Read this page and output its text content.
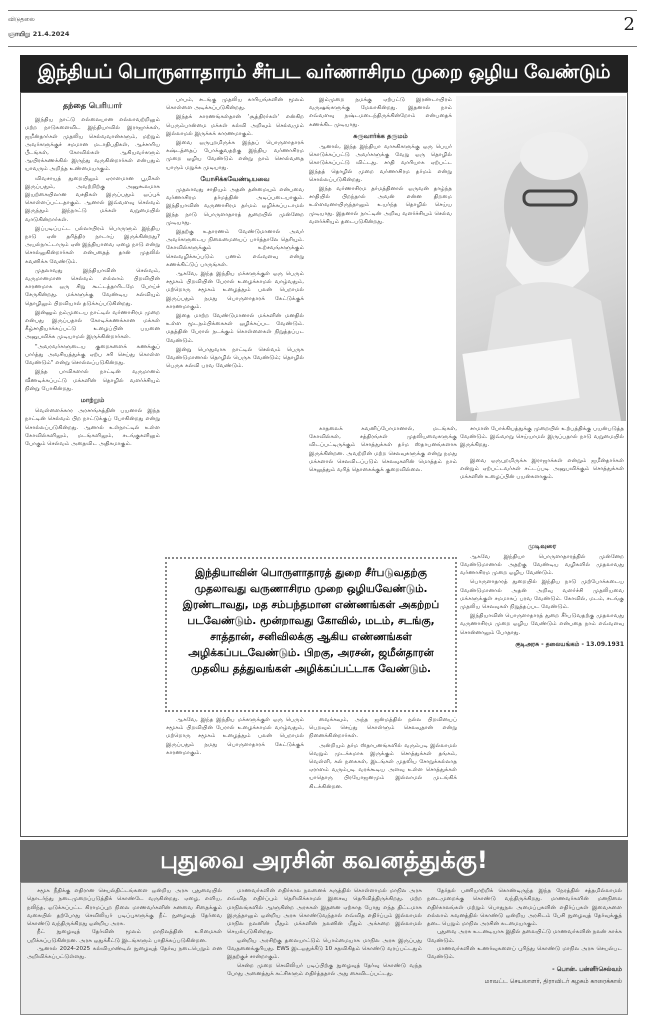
விடுதலை
ஞாயிறு 21.4.2024	2
இந்தியப் பொருளாதாரம் சீர்பட வர்ணாசிரம முறை ஒழிய வேண்டும்
தந்தை பெரியார்

இந்திய நாட்டு எல்லையான எல்லாவற்றிலும் மற்ற நாடுகளைவிட இந்தியாவில் இராஜாக்கள், ஜமீன்தார்கள் முதலிய செல்வவான்களும், மற்றும் அவர்களுக்குச் சமமான மடாதிபதிகள், ஆச்சாரிய பீடங்கள், கோவில்கள் ஆகியவர்களும் ஆயிரக்கணக்கில் இருந்து வருகின்றார்கள் என்பதும் யாவரும் அறிந்த உண்மையாகும்.

விவசாயத் துறையிலும் ஏராளமான பூமிகள் இருப்பதும், அவற்றிற்கு அனுகூலமாக இயற்கையிலான வசதிகள் இருப்பதும் ஒப்புக் கொள்ளப்பட்டதாகும். ஆனால் இவ்வளவு செல்வம் இருந்தும் இந்நாட்டு மக்கள் வறுமையில் வாடுகின்றார்கள்.

இப்படிப்பட்ட பல்லாயிரம் பொருளும் இந்திய நாடு ஏன் தரித்திர நாடாய் இருக்கின்றது? அயல்நாட்டாரும் ஏன் இந்தியாவை ஏழை நாடு என்று சொல்லுகின்றார்கள் என்பதைத் தான் முதலில் கவனிக்க வேண்டும்.

முதலாவது இந்தியாவின் செல்வம், வருமானமான செல்வம் எல்லாம் பிறவியின் காரணமாக ஒரு சிறு கூட்டத்தாரிடமே போய்ச் சேருகின்றது. மக்களுக்கு வேண்டிய கல்வியும் தொழிலும் பிறவியால் தடுக்கப்படுகின்றது.

இன்னும் நம்முடைய நாட்டில் வர்ணாசிரம முறை என்பது இருப்பதால் கோடிக்கணக்கான மக்கள் கீழ்சாதியாக்கப்பட்டு உழைப்பின் பயனை அனுபவிக்க முடியாமல் இருக்கின்றார்கள்.

"அவரவர்களுடைய குறைகளைக் கணக்குப் பார்த்து அவசியத்துக்கு ஏற்ப சரி செய்து கொள்ள வேண்டும்" என்று சொல்லப்படுகின்றது.

இந்த பாவிகளால் நாட்டின் வருமானம் வீணடிக்கப்பட்டு மக்களின் தொழில் வளர்ச்சியும் நின்று போகின்றது.

மாற்றும்

வெள்ளைக்கார அரசாங்கத்தின் பயனால் இந்த நாட்டின் செல்வம் பிற நாட்டுக்குப் போகின்றது என்று சொல்லப்படுகின்றது. ஆனால் உள்நாட்டில் உள்ள கோவில்களிலும், மடங்களிலும், சடங்குகளிலும் போகும் செல்வம் அதைவிட அதிகமாகும்.

பாபம், சடங்கு முதலிய காரியங்களின் மூலம் கொள்ளை அடிக்கப்படுகின்றது.

இந்தக் காரணங்கள்தான் 'சூத்திரர்கள்' என்கிற பெரும்பான்மை மக்கள் கல்வி அறிவும் செல்வமும் இல்லாமல் இருக்கக் காரணமாகும்.

இவை ஒருபுறமிருக்க இந்தப் பொருளாதாரக் கஷ்டத்தைப் போக்குவதற்கு இந்திய வர்ணாசிரம முறை ஒழிய வேண்டும் என்று நாம் சொல்வதை யாரும் மறுக்க முடியாது.

யோசிக்கவேண்டியவை

முதலாவது சாதியும் அதன் தன்மையும் என்பவை வர்ணாசிரம தர்மத்தின் அடிப்படையாகும். இந்தியாவின் வருணாசிரம தர்மம் ஒழிக்கப்படாமல் இந்த நாடு பொருளாதாரத் துறையில் முன்னேற முடியாது.

இதற்கு உதாரணம் வேண்டுமானால் அவர் அவர்களுடைய நிலைமையைப் பார்த்தாலே தெரியும். கோவில்களுக்கும் உற்சவங்களுக்கும் செலவழிக்கப்படும் பணம் எவ்வளவு என்று கணக்கிட்டுப் பாருங்கள்.

ஆகவே, இந்த இந்திய மக்களுக்குள் ஒரு பெரும் சமூகம் பிறவியின் பேரால் உழைக்காமல் வாழ்வதும், மற்றொரு சமூகம் உழைத்தும் பலன் பெறாமல் இருப்பதும் நமது பொருளாதாரக் கேட்டுக்குக் காரணமாகும்.

இதை மாற்ற வேண்டுமானால் மக்களின் மனதில் உள்ள மூடநம்பிக்கைகள் ஒழிக்கப்பட வேண்டும். மதத்தின் பேரால் நடக்கும் கொள்ளைகள் நிறுத்தப்பட வேண்டும்.

இன்று பொதுவாக நாட்டில் செல்வம் பெருக வேண்டுமானால் தொழில் பெருக வேண்டும்; தொழில் பெருக கல்வி பரவ வேண்டும்.

இம்முறை நமக்கு ஏற்பட்டு இரண்டாயிரம் வருஷங்களுக்கு மேலாகின்றது. இதனால் நாம் எவ்வளவு நஷ்டமடைந்திருக்கின்றோம் என்பதைக் கணக்கிட முடியாது.

சுருவார்க்க தருமம்

ஆனால், இந்த இந்தியா வாசுகிகளுக்கு ஒரு பெயர் கொடுக்கப்பட்டு அவர்களுக்கு வேறு ஒரு தொழில் கொடுக்கப்பட்டு விட்டது. சாதி வாரியாக ஏற்பட்ட இந்தத் தொழில் முறை வர்ணாசிரம தர்மம் என்று சொல்லப்படுகின்றது.

இந்த வர்ணாசிரம தர்மத்தினால் ஒருவன் தாழ்ந்த சாதியில் பிறந்தால் அவன் என்ன திறமை உள்ளவனாயிருந்தாலும் உயர்ந்த தொழில் செய்ய முடியாது. இதனால் நாட்டின் அறிவு வளர்ச்சியும் செல்வ வளர்ச்சியும் தடைபடுகின்றது.

காதலைக் கவனிப்போமானால், மடங்கள், கோவில்கள், சத்திரங்கள் முதலியவைகளுக்கு விடப்பட்டிருக்கும் சொத்துக்கள் தர்ம ஸ்தாபனங்களாக இருக்கின்றன. அவற்றின் மற்ற செலவுகளுக்கு என்று நமது மக்களால் செலவிடப்படும் செலவுகளின் மொத்தம் நாம் செலுத்தும் வரித் தொகைக்குக் குறைவில்லை.

சாமான் போக்கியத்துக்கு முறையில் உற்பத்திக்கு பயன்படுத்த வேண்டும். இவ்வாறு செய்யாமல் இருப்பதால் நாடு வறுமையில் இருக்கிறது.

இந்தியாவின் பொருளாதாரத் துறை சீர்படுவதற்கு முதலாவது வருணாசிரம முறை ஒழியவேண்டும். இரண்டாவது, மத சம்பந்தமான எண்ணங்கள் அகற்றப் படவேண்டும். மூன்றாவது கோவில், மடம், சடங்கு, சாத்தான், சனிவிலக்கு ஆகிய எண்ணங்கள் அழிக்கப்படவேண்டும். பிறகு, அரசன், ஜமீன்தாரன் முதலிய தத்துவங்கள் அழிக்கப்பட்டாக வேண்டும்.

இவை ஒருபுறமிருக்க இராஜாக்கள் என்றும் ஜமீன்தார்கள் என்றும் ஏற்பட்டவர்கள் சட்டப்படி அனுபவிக்கும் சொத்துக்கள் மக்களின் உழைப்பின் பயன்களாகும்.

முடிவுரை

ஆகவே இந்தியா பொருளாதாரத்தில் முன்னேற வேண்டுமானால் அதற்கு வேண்டிய வழிகளில் முதலாவது வர்ணாசிரம முறை ஒழிய வேண்டும்.

பொருளாதாரத் துறையில் இந்திய நாடு முற்போக்கடைய வேண்டுமானால் அதன் அறிவு வளர்ச்சி முதலியவை மக்களுக்குள் சமமாகப் பரவ வேண்டும். கோவில், மடம், சடங்கு முதலிய செலவுகள் நிறுத்தப்பட வேண்டும்.

இந்தியாவின் பொருளாதாரத் துறை சீர்படுவதற்கு முதலாவது வருணாசிரம முறை ஒழிய வேண்டும் என்பதை நாம் எவ்வளவு சொன்னாலும் போதாது.

குடிஅரசு - தலையங்கம் - 13.09.1931

ஆகவே, இந்த இந்திய மக்களுக்குள் ஒரு பெரும் சமூகம் பிறவியின் பேரால் உழைக்காமல் வாழ்வதும், மற்றொரு சமூகம் உழைத்தும் பலன் பெறாமல் இருப்பதும் நமது பொருளாதாரக் கேட்டுக்குக் காரணமாகும்.

வைக்கவும், அந்த ஜன்மத்தில் நல்ல பிறவியைப் பெறவும் செய்து கொள்ளும் செலவுதான் என்று நினைக்கின்றார்கள்.

அன்றியும் தர்ம ஸ்தாபனங்களில் வரும்படி இல்லாமல் வெறும் முடக்கமாக இருக்கும் சொத்துக்கள் தங்கம், வெள்ளி, கல் நகைகள், இடங்கள் முதலிய சோறுக்கல்லாத ஏராளம் வரும்படி வரக்கூடிய அளவு உள்ள சொத்துக்கள் யாதொரு பிரயோஜனமும் இல்லாமல் முடங்கிக் கிடக்கின்றன.

புதுவை அரசின் கவனத்துக்கு!

சமூக நீதிக்கு எதிரான செயல்திட்டங்களை ஒன்றிய அரசு புதுவையில் தொடர்ந்து நடைமுறைப்படுத்திக் கொண்டே வருகின்றது. ஏழை, எளிய, நலிந்த, ஒடுக்கப்பட்ட கிராமப்புற நிலை மாணவர்களின் கனவை சிதைக்கும் வகையில் தற்போது செவிலியர் படிப்புகளுக்கு நீட் நுழைவுத் தேர்வை கொண்டு வந்திருக்கிறது ஒன்றிய அரசு.

நீட் நுழைவுத் தேர்வின் மூலம் மாநிலத்தின் உரிமைகள் பறிக்கப்படுகின்றன. அரசு ஒதுக்கீட்டு இடங்களும் பாதிக்கப்படுகின்றன.

ஆனால் 2024-2025 கல்வியாண்டில் நுழைவுத் தேர்வு நடைபெறும் என அறிவிக்கப்பட்டுள்ளது.

மாணவர்களின் எதிர்கால நலனைக் கருத்தில் கொள்ளாமல் மாநில அரசு எவ்வித எதிர்ப்பும் தெரிவிக்காமல் இசைவு தெரிவித்திருக்கிறது. மற்ற மாநிலங்களில் ஆளுகின்ற அரசுகள் இதனை ஏற்காத போது எந்த திட்டமாக இருந்தாலும் ஒன்றிய அரசு கொண்டுவந்தால் எவ்வித எதிர்ப்பும் இல்லாமல் மாநில நலனின் மீதும் மக்களின் நலனின் மீதும் அக்கறை இல்லாமல் செயல்படுகின்றது.

ஒன்றிய அரசிற்கு தலையாட்டும் பொம்மையாக மாநில அரசு இருப்பது வேதனைக்குரியது. EWS இடஒதுக்கீடு 10 சதவிகிதம் கொண்டு வரப்பட்டதும் இதற்குச் சான்றாகும்.

சென்ற முறை செவிலியர் படிப்பிற்கு நுழைவுத் தேர்வு கொண்டு வந்த போது அனைத்துக் கட்சிகளும் எதிர்த்ததால் அது கைவிடப்பட்டது.

தேர்தல் பணியாற்றிக் கொண்டிருந்த இந்த நேரத்தில் சத்தமில்லாமல் நடைமுறைக்கு கொண்டு வந்திருக்கிறது. மாணவர்களின் மனநிலை எதிர்காலங்கள் மற்றும் பொதுநல அமைப்புகளின் எதிர்ப்புகள் இவைகளை எல்லாம் கவனத்தில் கொண்டு ஒன்றிய அரசிடம் பேசி நுழைவுத் தேர்வுக்குத் தடை பெறும் மாநில அரசின் கடமையாகும்.

புதுவை அரசு உடனடியாக இதில் தலையிட்டு மாணவர்களின் நலன் காக்க வேண்டும்.

மாணவர்களின் உணர்வுகளைப் புரிந்து கொண்டு மாநில அரசு செயல்பட வேண்டும்.

- பொன். பன்னீர்செல்வம்
மாவட்ட செயலாளர், திராவிடர் கழகம் காரைக்கால்
